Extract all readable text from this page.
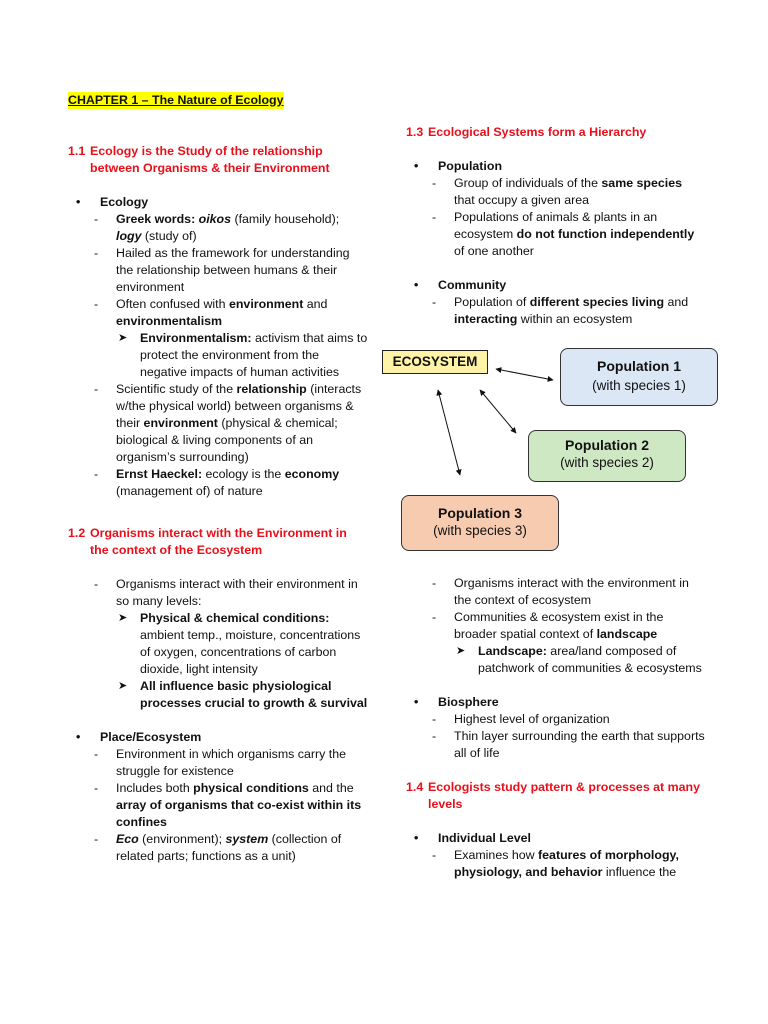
CHAPTER 1 – The Nature of Ecology
1.1 Ecology is the Study of the relationship between Organisms & their Environment
• Ecology
- Greek words: oikos (family household);
logy (study of)
- Hailed as the framework for understanding the relationship between humans & their environment
- Often confused with environment and environmentalism
➤ Environmentalism: activism that aims to protect the environment from the negative impacts of human activities
- Scientific study of the relationship (interacts w/the physical world) between organisms & their environment (physical & chemical; biological & living components of an organism’s surrounding)
- Ernst Haeckel: ecology is the economy (management of) of nature
1.2 Organisms interact with the Environment in the context of the Ecosystem
- Organisms interact with their environment in so many levels:
➤ Physical & chemical conditions: ambient temp., moisture, concentrations of oxygen, concentrations of carbon dioxide, light intensity
➤ All influence basic physiological processes crucial to growth & survival
• Place/Ecosystem
- Environment in which organisms carry the struggle for existence
- Includes both physical conditions and the array of organisms that co-exist within its confines
- Eco (environment); system (collection of related parts; functions as a unit)
1.3 Ecological Systems form a Hierarchy
• Population
- Group of individuals of the same species that occupy a given area
- Populations of animals & plants in an ecosystem do not function independently of one another
• Community
- Population of different species living and interacting within an ecosystem
ECOSYSTEM	Population 1
(with species 1)
Population 2
(with species 2)
Population 3
(with species 3)
- Organisms interact with the environment in the context of ecosystem
- Communities & ecosystem exist in the broader spatial context of landscape
➤ Landscape: area/land composed of patchwork of communities & ecosystems
• Biosphere
- Highest level of organization
- Thin layer surrounding the earth that supports all of life
1.4 Ecologists study pattern & processes at many levels
• Individual Level
- Examines how features of morphology, physiology, and behavior influence the
